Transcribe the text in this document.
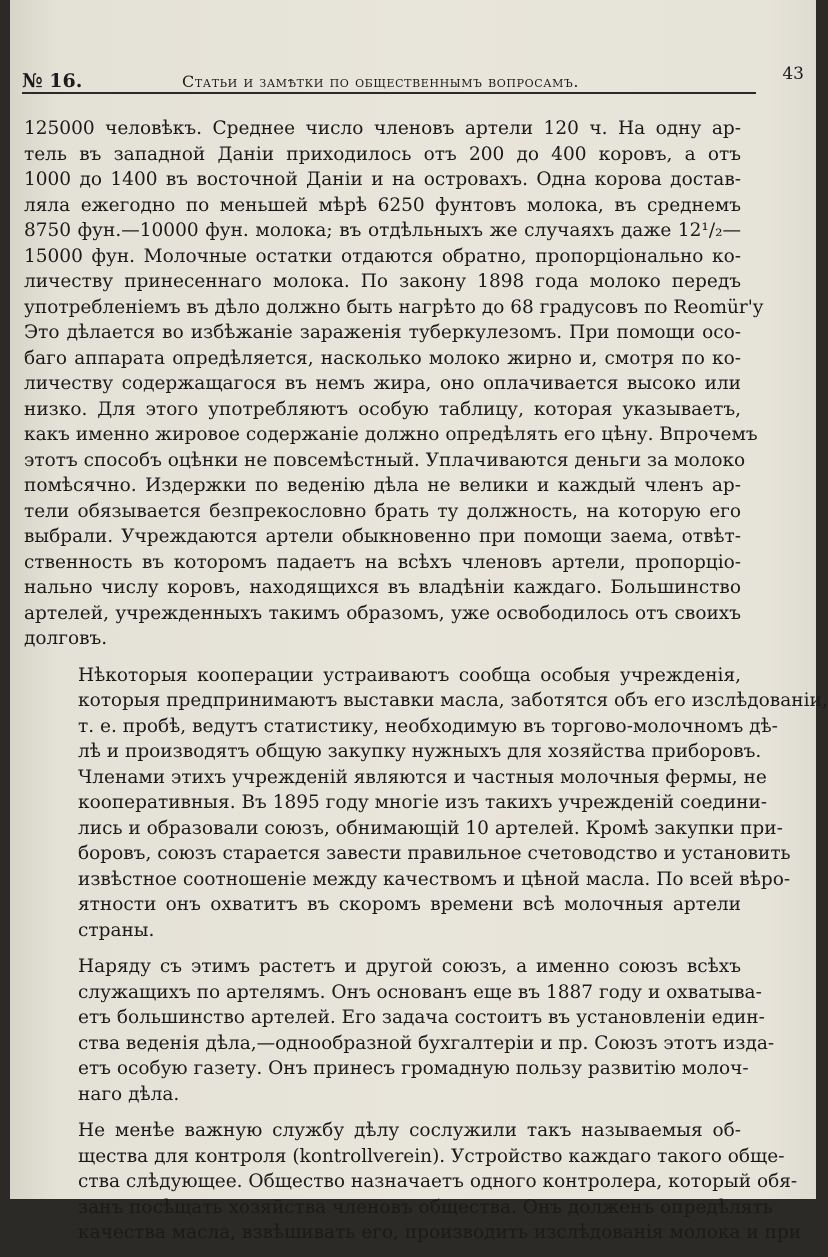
№ 16.	Статьи и замѣтки по общественнымъ вопросамъ.	43

125000 человѣкъ. Среднее число членовъ артели 120 ч. На одну ар-
тель въ западной Даніи приходилось отъ 200 до 400 коровъ, а отъ
1000 до 1400 въ восточной Даніи и на островахъ. Одна корова достав-
ляла ежегодно по меньшей мѣрѣ 6250 фунтовъ молока, въ среднемъ
8750 фун.—10000 фун. молока; въ отдѣльныхъ же случаяхъ даже 12¹/₂—
15000 фун. Молочные остатки отдаются обратно, пропорціонально ко-
личеству принесеннаго молока. По закону 1898 года молоко передъ
употребленіемъ въ дѣло должно быть нагрѣто до 68 градусовъ по Reomür'y
Это дѣлается во избѣжаніе зараженія туберкулезомъ. При помощи осо-
баго аппарата опредѣляется, насколько молоко жирно и, смотря по ко-
личеству содержащагося въ немъ жира, оно оплачивается высоко или
низко. Для этого употребляютъ особую таблицу, которая указываетъ,
какъ именно жировое содержаніе должно опредѣлять его цѣну. Впрочемъ
этотъ способъ оцѣнки не повсемѣстный. Уплачиваются деньги за молоко
помѣсячно. Издержки по веденію дѣла не велики и каждый членъ ар-
тели обязывается безпрекословно брать ту должность, на которую его
выбрали. Учреждаются артели обыкновенно при помощи заема, отвѣт-
ственность въ которомъ падаетъ на всѣхъ членовъ артели, пропорціо-
нально числу коровъ, находящихся въ владѣніи каждаго. Большинство
артелей, учрежденныхъ такимъ образомъ, уже освободилось отъ своихъ
долговъ.

Нѣкоторыя кооперации устраиваютъ сообща особыя учрежденія,
которыя предпринимаютъ выставки масла, заботятся объ его изслѣдованіи,
т. е. пробѣ, ведутъ статистику, необходимую въ торгово-молочномъ дѣ-
лѣ и производятъ общую закупку нужныхъ для хозяйства приборовъ.
Членами этихъ учрежденій являются и частныя молочныя фермы, не
кооперативныя. Въ 1895 году многіе изъ такихъ учрежденій соедини-
лись и образовали союзъ, обнимающій 10 артелей. Кромѣ закупки при-
боровъ, союзъ старается завести правильное счетоводство и установить
извѣстное соотношеніе между качествомъ и цѣной масла. По всей вѣро-
ятности онъ охватитъ въ скоромъ времени всѣ молочныя артели
страны.

Наряду съ этимъ растетъ и другой союзъ, а именно союзъ всѣхъ
служащихъ по артелямъ. Онъ основанъ еще въ 1887 году и охватыва-
етъ большинство артелей. Его задача состоитъ въ установленіи един-
ства веденія дѣла,—однообразной бухгалтеріи и пр. Союзъ этотъ изда-
етъ особую газету. Онъ принесъ громадную пользу развитію молоч-
наго дѣла.

Не менѣе важную службу дѣлу сослужили такъ называемыя об-
щества для контроля (kontrollverein). Устройство каждаго такого обще-
ства слѣдующее. Общество назначаетъ одного контролера, который обя-
занъ посѣщать хозяйства членовъ общества. Онъ долженъ опредѣлять
качества масла, взвѣшивать его, производить изслѣдованія молока и при
